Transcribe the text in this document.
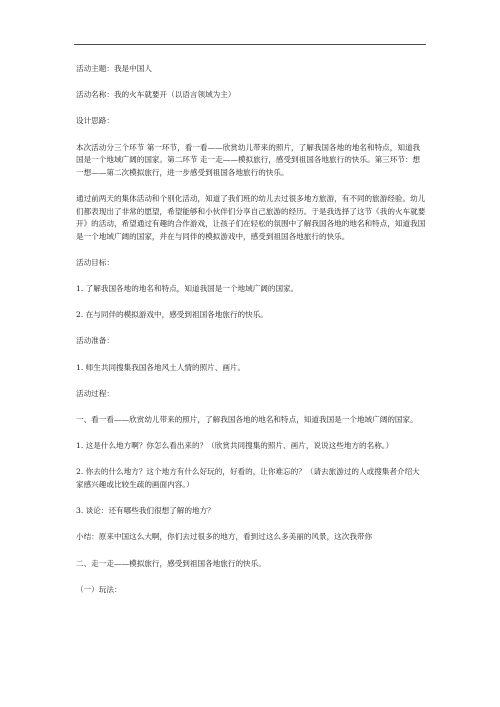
活动主题：我是中国人

活动名称：我的火车就要开（以语言领域为主）

设计思路：

本次活动分三个环节 第一环节，看一看——欣赏幼儿带来的照片，了解我国各地的地名和特点，知道我国是一个地域广阔的国家。第二环节 走一走——模拟旅行，感受到祖国各地旅行的快乐。第三环节：想一想——第二次模拟旅行，进一步感受到祖国各地旅行的快乐。

通过前两天的集体活动和个别化活动，知道了我们班的幼儿去过很多地方旅游，有不同的旅游经验。幼儿们都表现出了非常的愿望，希望能够和小伙伴们分享自己旅游的经历。于是我选择了这节《我的火车就要开》的活动，希望通过有趣的合作游戏，让孩子们在轻松的氛围中了解我国各地的地名和特点，知道我国是一个地域广阔的国家，并在与同伴的模拟游戏中，感受到祖国各地旅行的快乐。

活动目标：

1. 了解我国各地的地名和特点，知道我国是一个地域广阔的国家。

2. 在与同伴的模拟游戏中，感受到祖国各地旅行的快乐。

活动准备：

1. 师生共同搜集我国各地风土人情的照片、画片。

活动过程：

一、看一看——欣赏幼儿带来的照片，了解我国各地的地名和特点，知道我国是一个地域广阔的国家。

1. 这是什么地方啊？你怎么看出来的？（欣赏共同搜集的照片、画片，说说这些地方的名称。）

2. 你去的什么地方？这个地方有什么好玩的，好看的，让你难忘的？（请去旅游过的人或搜集者介绍大家感兴趣或比较生疏的画面内容。）

3. 谈论：还有哪些我们很想了解的地方？

小结：原来中国这么大啊，你们去过很多的地方，看到过这么多美丽的风景，这次我带你

二、走一走——模拟旅行，感受到祖国各地旅行的快乐。

（一）玩法：
